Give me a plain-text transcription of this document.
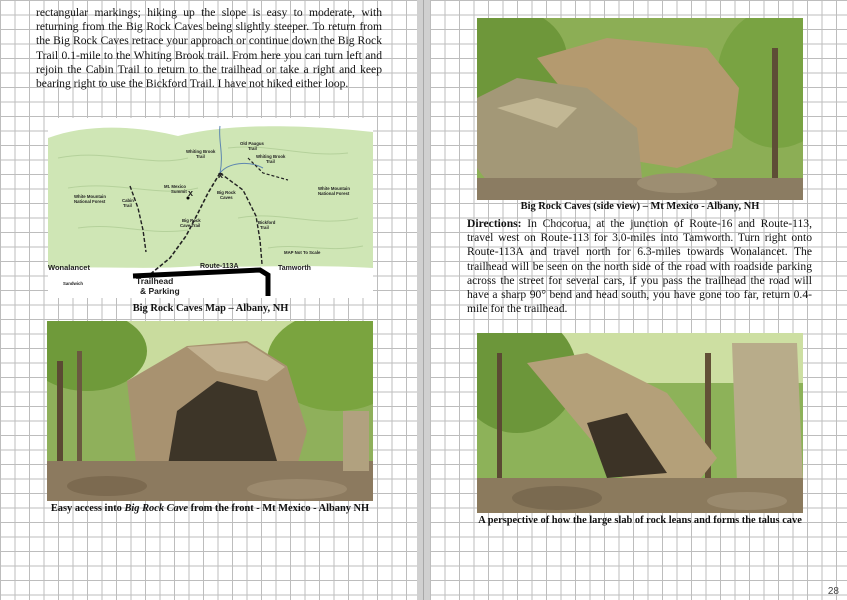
rectangular markings; hiking up the slope is easy to moderate, with returning from the Big Rock Caves being slightly steeper. To return from the Big Rock Caves retrace your approach or continue down the Big Rock Trail 0.1-mile to the Whiting Brook trail. From here you can turn left and rejoin the Cabin Trail to return to the trailhead or take a right and keep bearing right to use the Bickford Trail. I have not hiked either loop.

x
x
Whiting Brook
Trail
Old Paugus
Trail
Whiting Brook
Trail
Mt. Mexico
Summit	Big Rock
Caves
White Mountain
National Forest	Cabin
Trail
Big Rock
Cave Trail
White Mountain
National Forest
Bickford
Trail
MAP Not To Scale
Wonalancet	Tamworth
Sandwich	Trailhead
& Parking
Route-113A
Big Rock Caves Map – Albany, NH
Easy access into Big Rock Cave from the front - Mt Mexico - Albany NH
Big Rock Caves (side view) – Mt Mexico - Albany, NH

Directions: In Chocorua, at the junction of Route-16 and Route-113, travel west on Route-113 for 3.0-miles into Tamworth. Turn right onto Route-113A and travel north for 6.3-miles towards Wonalancet. The trailhead will be seen on the north side of the road with roadside parking across the street for several cars, if you pass the trailhead the road will have a sharp 90° bend and head south, you have gone too far, return 0.4-mile for the trailhead.

A perspective of how the large slab of rock leans and forms the talus cave
28
